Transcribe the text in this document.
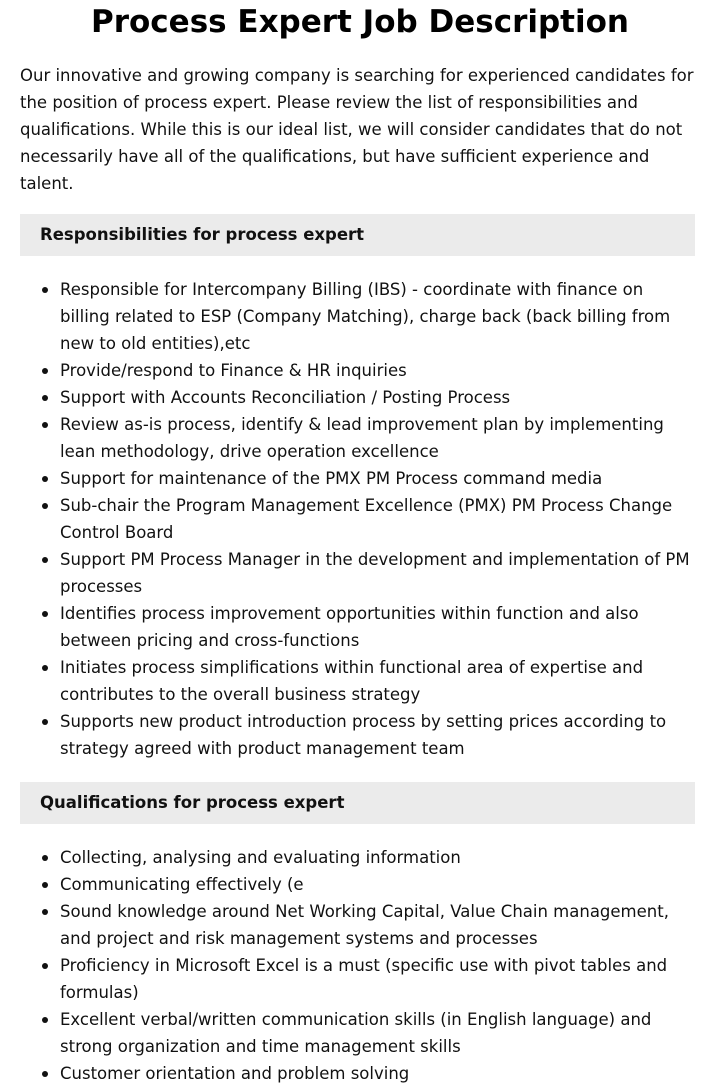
Process Expert Job Description

Our innovative and growing company is searching for experienced candidates for the position of process expert. Please review the list of responsibilities and qualifications. While this is our ideal list, we will consider candidates that do not necessarily have all of the qualifications, but have sufficient experience and talent.

Responsibilities for process expert
Responsible for Intercompany Billing (IBS) - coordinate with finance on billing related to ESP (Company Matching), charge back (back billing from new to old entities),etc
Provide/respond to Finance & HR inquiries
Support with Accounts Reconciliation / Posting Process
Review as-is process, identify & lead improvement plan by implementing lean methodology, drive operation excellence
Support for maintenance of the PMX PM Process command media
Sub-chair the Program Management Excellence (PMX) PM Process Change Control Board
Support PM Process Manager in the development and implementation of PM processes
Identifies process improvement opportunities within function and also between pricing and cross-functions
Initiates process simplifications within functional area of expertise and contributes to the overall business strategy
Supports new product introduction process by setting prices according to strategy agreed with product management team
Qualifications for process expert
Collecting, analysing and evaluating information
Communicating effectively (e
Sound knowledge around Net Working Capital, Value Chain management, and project and risk management systems and processes
Proficiency in Microsoft Excel is a must (specific use with pivot tables and formulas)
Excellent verbal/written communication skills (in English language) and strong organization and time management skills
Customer orientation and problem solving
